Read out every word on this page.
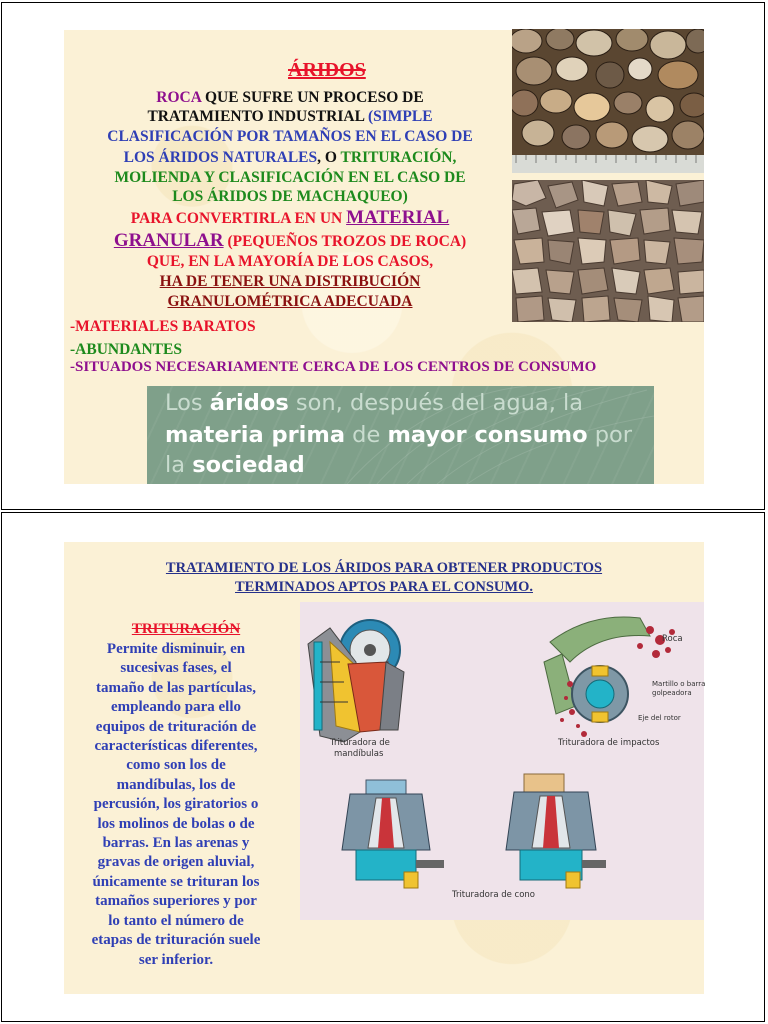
ÁRIDOS
ROCA QUE SUFRE UN PROCESO DE
TRATAMIENTO INDUSTRIAL (SIMPLE
CLASIFICACIÓN POR TAMAÑOS EN EL CASO DE
LOS ÁRIDOS NATURALES, O TRITURACIÓN,
MOLIENDA Y CLASIFICACIÓN EN EL CASO DE
LOS ÁRIDOS DE MACHAQUEO)
PARA CONVERTIRLA EN UN MATERIAL
GRANULAR (PEQUEÑOS TROZOS DE ROCA)
QUE, EN LA MAYORÍA DE LOS CASOS,
HA DE TENER UNA DISTRIBUCIÓN
GRANULOMÉTRICA ADECUADA
-MATERIALES BARATOS
-ABUNDANTES
-SITUADOS NECESARIAMENTE CERCA DE LOS CENTROS DE CONSUMO
Los áridos son, después del agua, la
materia prima de mayor consumo por
la sociedad
TRATAMIENTO DE LOS ÁRIDOS PARA OBTENER PRODUCTOS
TERMINADOS APTOS PARA EL CONSUMO.
TRITURACIÓN
Permite disminuir, en
sucesivas fases, el
tamaño de las partículas,
empleando para ello
equipos de trituración de
características diferentes,
como son los de
mandíbulas, los de
percusión, los giratorios o
los molinos de bolas o de
barras. En las arenas y
gravas de origen aluvial,
únicamente se trituran los
tamaños superiores y por
lo tanto el número de
etapas de trituración suele
ser inferior.
Trituradora de
mandíbulas
Trituradora de impactos
Roca
Martillo o barra
golpeadora
Eje del rotor
Trituradora de cono
